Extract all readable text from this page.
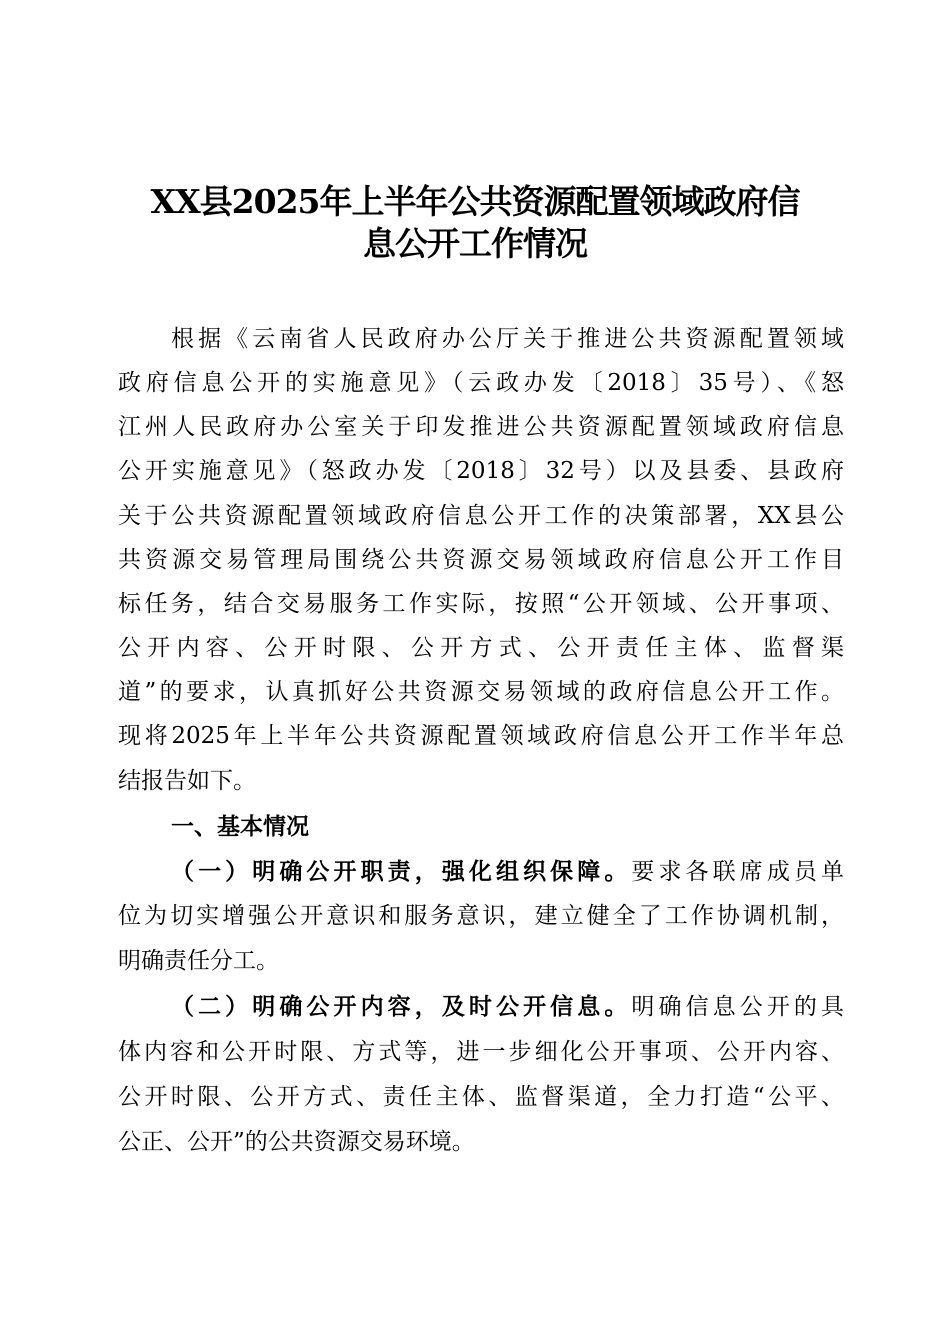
XX县2025年上半年公共资源配置领域政府信
息公开工作情况
根据《云南省人民政府办公厅关于推进公共资源配置领域
政府信息公开的实施意见》（云政办发〔2018〕35号）、《怒
江州人民政府办公室关于印发推进公共资源配置领域政府信息
公开实施意见》（怒政办发〔2018〕32号）以及县委、县政府
关于公共资源配置领域政府信息公开工作的决策部署，XX县公
共资源交易管理局围绕公共资源交易领域政府信息公开工作目
标任务，结合交易服务工作实际，按照“公开领域、公开事项、
公开内容、公开时限、公开方式、公开责任主体、监督渠
道”的要求，认真抓好公共资源交易领域的政府信息公开工作。
现将2025年上半年公共资源配置领域政府信息公开工作半年总
结报告如下。
一、基本情况
（一）明确公开职责，强化组织保障。要求各联席成员单
位为切实增强公开意识和服务意识，建立健全了工作协调机制，
明确责任分工。
（二）明确公开内容，及时公开信息。明确信息公开的具
体内容和公开时限、方式等，进一步细化公开事项、公开内容、
公开时限、公开方式、责任主体、监督渠道，全力打造“公平、
公正、公开”的公共资源交易环境。
